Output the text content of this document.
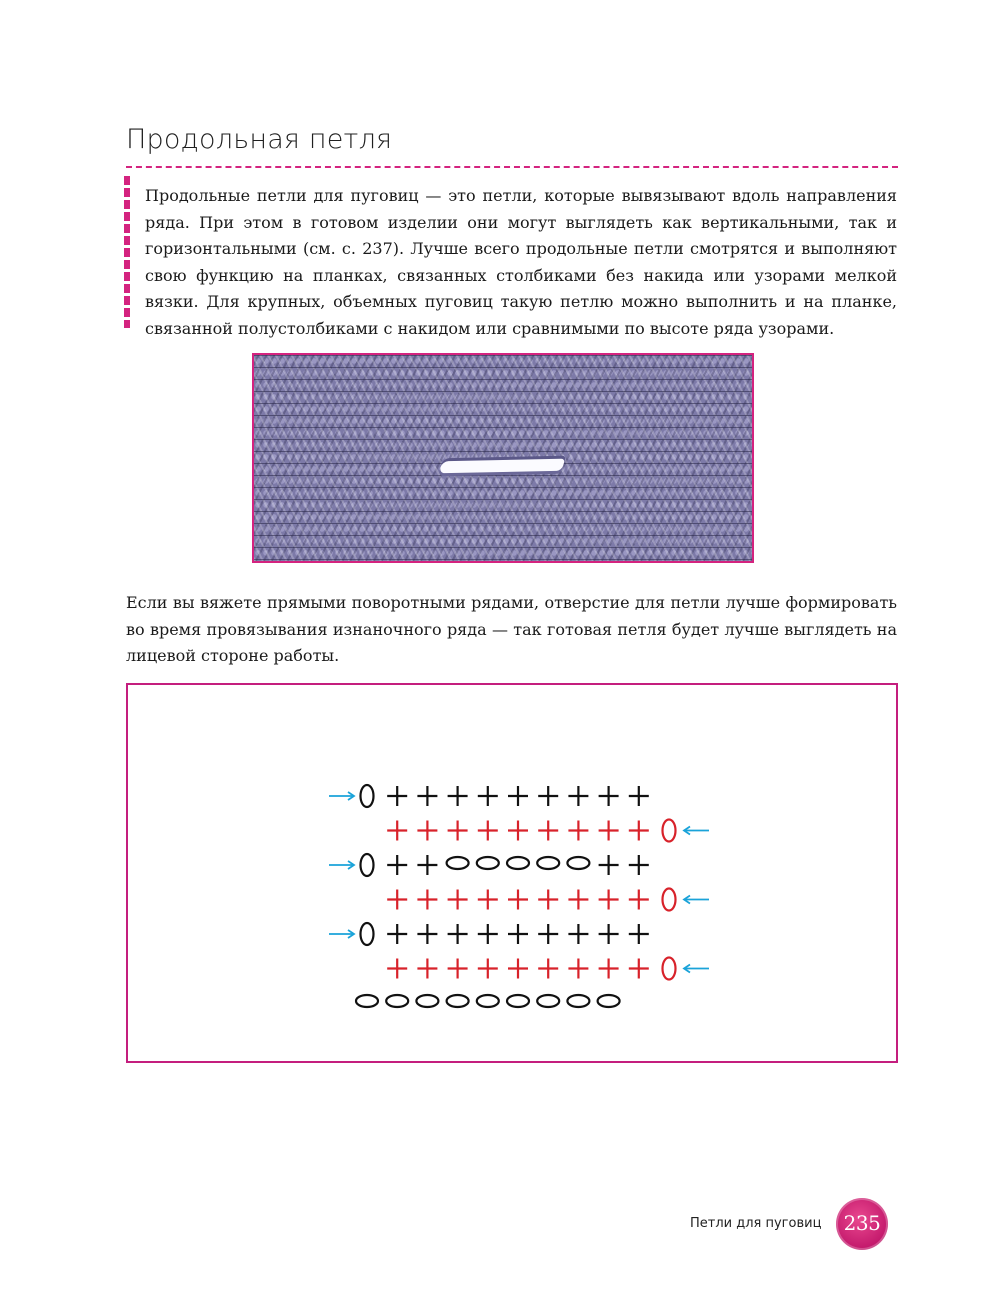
Продольная петля

Продольные петли для пуговиц — это петли, которые вывязывают вдоль направления ряда. При этом в готовом изделии они могут выглядеть как вертикальными, так и горизонтальными (см. с. 237). Лучше всего продольные петли смотрятся и выполняют свою функцию на планках, связанных столбиками без накида или узорами мелкой вязки. Для крупных, объемных пуговиц такую петлю можно выполнить и на планке, связанной полустолбиками с накидом или сравнимыми по высоте ряда узорами.

Если вы вяжете прямыми поворотными рядами, отверстие для петли лучше формировать во время провязывания изнаночного ряда — так готовая петля будет лучше выглядеть на лицевой стороне работы.

Петли для пуговиц	235
